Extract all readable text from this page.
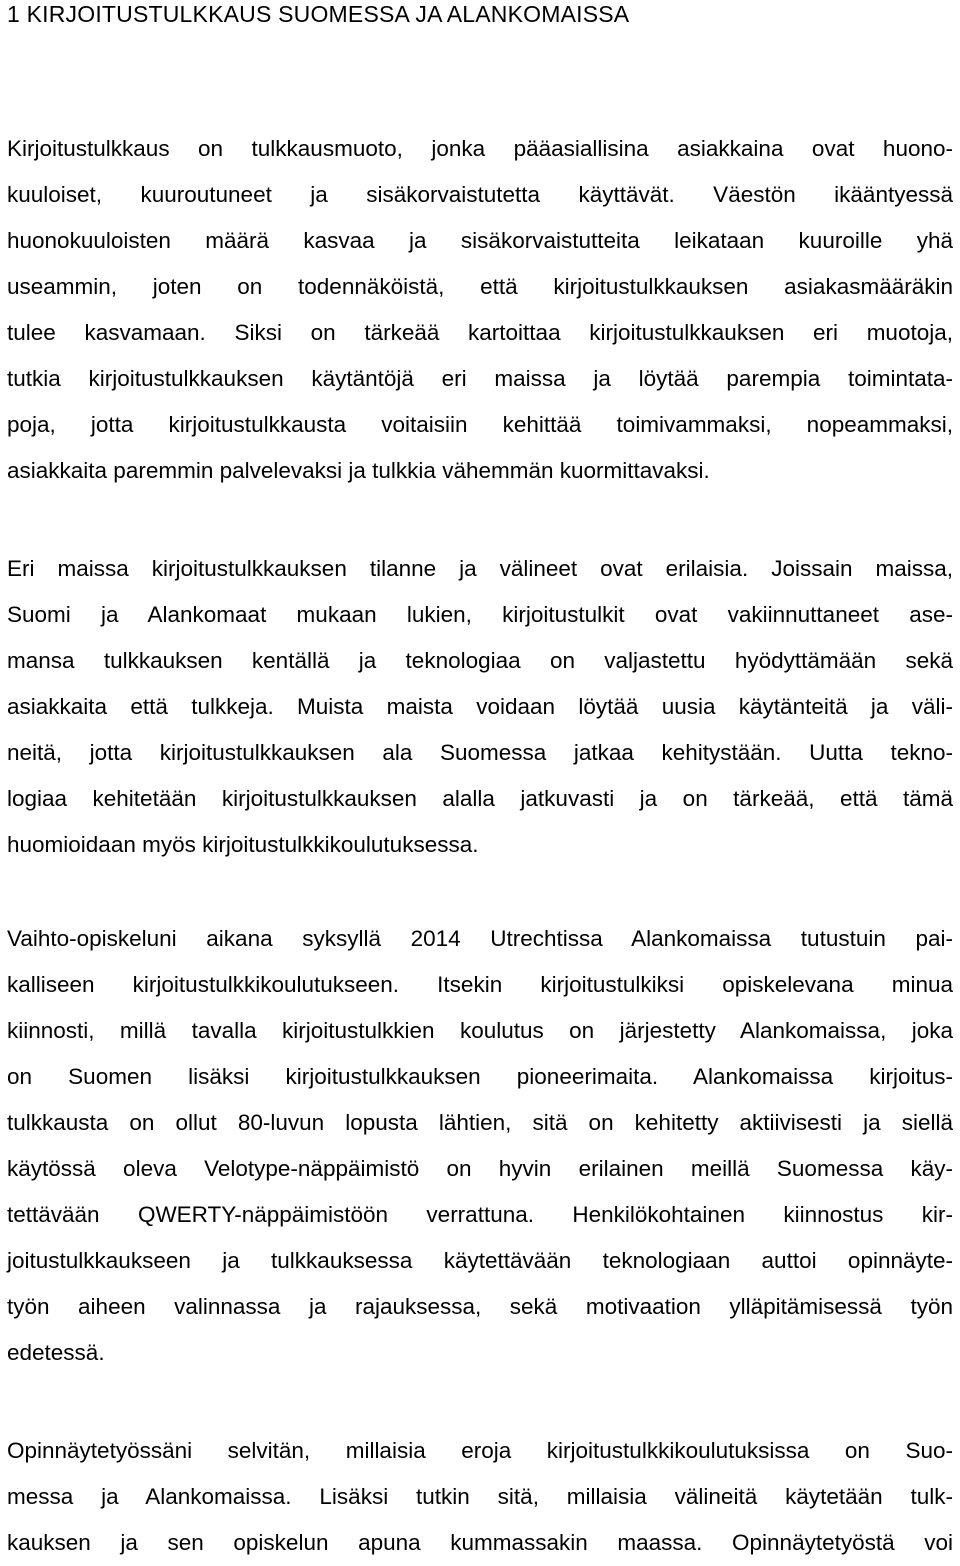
1 KIRJOITUSTULKKAUS SUOMESSA JA ALANKOMAISSA
Kirjoitustulkkaus on tulkkausmuoto, jonka pääasiallisina asiakkaina ovat huono-
kuuloiset, kuuroutuneet ja sisäkorvaistutetta käyttävät. Väestön ikääntyessä
huonokuuloisten määrä kasvaa ja sisäkorvaistutteita leikataan kuuroille yhä
useammin, joten on todennäköistä, että kirjoitustulkkauksen asiakasmääräkin
tulee kasvamaan. Siksi on tärkeää kartoittaa kirjoitustulkkauksen eri muotoja,
tutkia kirjoitustulkkauksen käytäntöjä eri maissa ja löytää parempia toimintata-
poja, jotta kirjoitustulkkausta voitaisiin kehittää toimivammaksi, nopeammaksi,
asiakkaita paremmin palvelevaksi ja tulkkia vähemmän kuormittavaksi.
Eri maissa kirjoitustulkkauksen tilanne ja välineet ovat erilaisia. Joissain maissa,
Suomi ja Alankomaat mukaan lukien, kirjoitustulkit ovat vakiinnuttaneet ase-
mansa tulkkauksen kentällä ja teknologiaa on valjastettu hyödyttämään sekä
asiakkaita että tulkkeja. Muista maista voidaan löytää uusia käytänteitä ja väli-
neitä, jotta kirjoitustulkkauksen ala Suomessa jatkaa kehitystään. Uutta tekno-
logiaa kehitetään kirjoitustulkkauksen alalla jatkuvasti ja on tärkeää, että tämä
huomioidaan myös kirjoitustulkkikoulutuksessa.
Vaihto-opiskeluni aikana syksyllä 2014 Utrechtissa Alankomaissa tutustuin pai-
kalliseen kirjoitustulkkikoulutukseen. Itsekin kirjoitustulkiksi opiskelevana minua
kiinnosti, millä tavalla kirjoitustulkkien koulutus on järjestetty Alankomaissa, joka
on Suomen lisäksi kirjoitustulkkauksen pioneerimaita. Alankomaissa kirjoitus-
tulkkausta on ollut 80-luvun lopusta lähtien, sitä on kehitetty aktiivisesti ja siellä
käytössä oleva Velotype-näppäimistö on hyvin erilainen meillä Suomessa käy-
tettävään QWERTY-näppäimistöön verrattuna. Henkilökohtainen kiinnostus kir-
joitustulkkaukseen ja tulkkauksessa käytettävään teknologiaan auttoi opinnäyte-
työn aiheen valinnassa ja rajauksessa, sekä motivaation ylläpitämisessä työn
edetessä.
Opinnäytetyössäni selvitän, millaisia eroja kirjoitustulkkikoulutuksissa on Suo-
messa ja Alankomaissa. Lisäksi tutkin sitä, millaisia välineitä käytetään tulk-
kauksen ja sen opiskelun apuna kummassakin maassa. Opinnäytetyöstä voi
